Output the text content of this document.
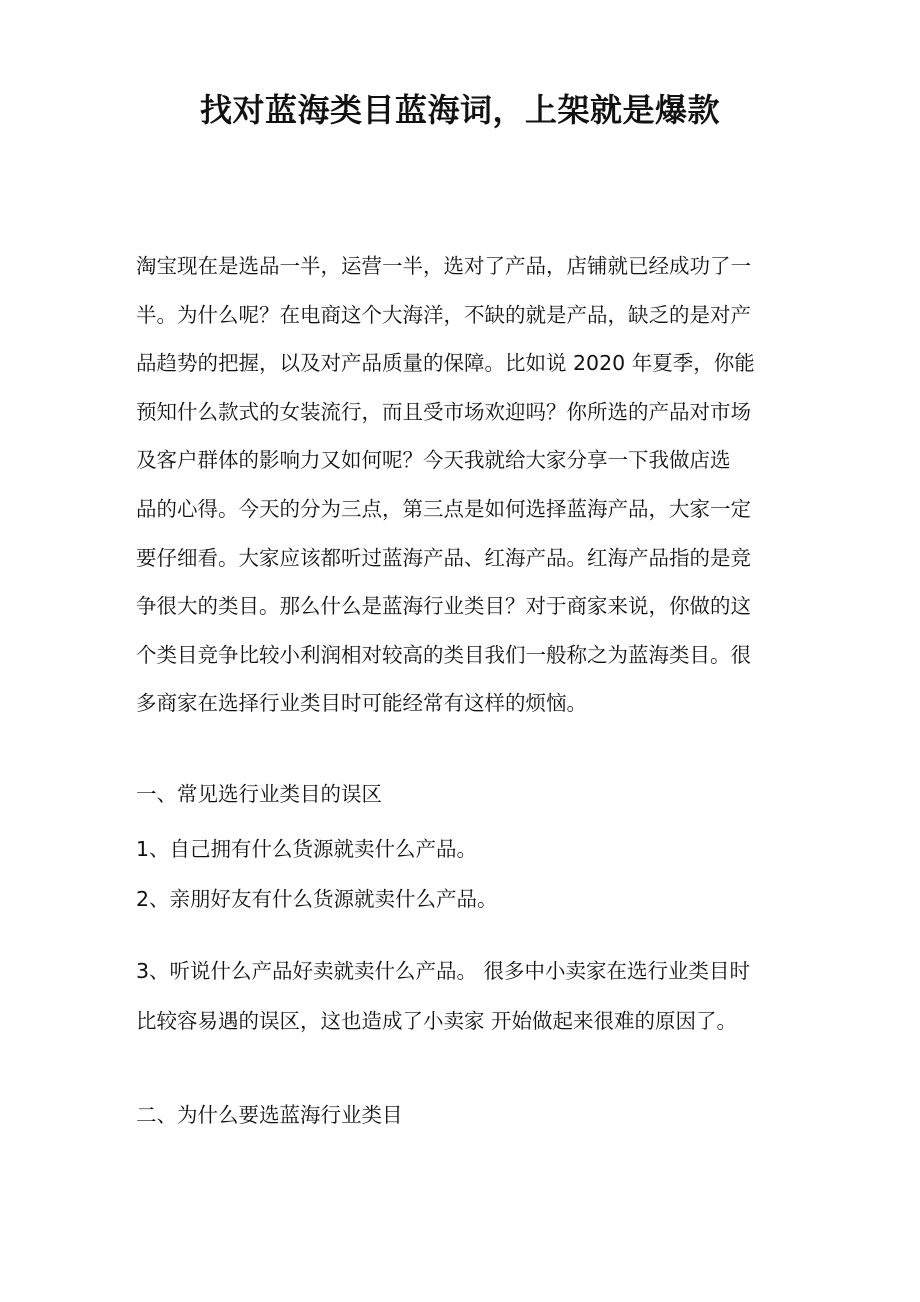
找对蓝海类目蓝海词，上架就是爆款
淘宝现在是选品一半，运营一半，选对了产品，店铺就已经成功了一
半。为什么呢？在电商这个大海洋，不缺的就是产品，缺乏的是对产
品趋势的把握，以及对产品质量的保障。比如说 2020 年夏季，你能
预知什么款式的女装流行，而且受市场欢迎吗？你所选的产品对市场
及客户群体的影响力又如何呢？今天我就给大家分享一下我做店选
品的心得。今天的分为三点，第三点是如何选择蓝海产品，大家一定
要仔细看。大家应该都听过蓝海产品、红海产品。红海产品指的是竞
争很大的类目。那么什么是蓝海行业类目？对于商家来说，你做的这
个类目竞争比较小利润相对较高的类目我们一般称之为蓝海类目。很
多商家在选择行业类目时可能经常有这样的烦恼。

一、常见选行业类目的误区

1、自己拥有什么货源就卖什么产品。

2、亲朋好友有什么货源就卖什么产品。

3、听说什么产品好卖就卖什么产品。 很多中小卖家在选行业类目时
比较容易遇的误区，这也造成了小卖家 开始做起来很难的原因了。

二、为什么要选蓝海行业类目
